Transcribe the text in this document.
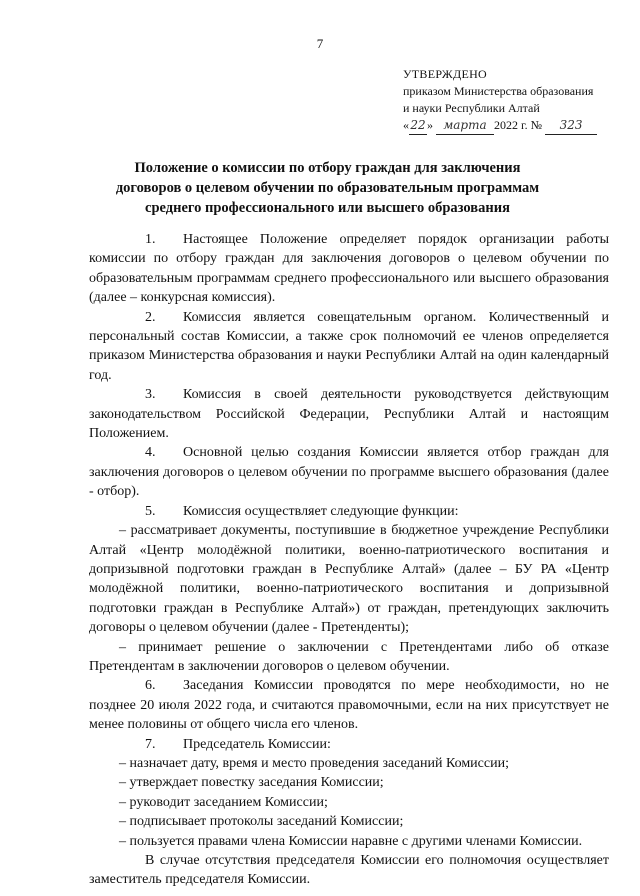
7
УТВЕРЖДЕНО
приказом Министерства образования
и науки Республики Алтай
«22» марта 2022 г. № 323
Положение о комиссии по отбору граждан для заключения договоров о целевом обучении по образовательным программам среднего профессионального или высшего образования

1. Настоящее Положение определяет порядок организации работы комиссии по отбору граждан для заключения договоров о целевом обучении по образовательным программам среднего профессионального или высшего образования (далее – конкурсная комиссия).

2. Комиссия является совещательным органом. Количественный и персональный состав Комиссии, а также срок полномочий ее членов определяется приказом Министерства образования и науки Республики Алтай на один календарный год.

3. Комиссия в своей деятельности руководствуется действующим законодательством Российской Федерации, Республики Алтай и настоящим Положением.

4. Основной целью создания Комиссии является отбор граждан для заключения договоров о целевом обучении по программе высшего образования (далее - отбор).

5. Комиссия осуществляет следующие функции:

– рассматривает документы, поступившие в бюджетное учреждение Республики Алтай «Центр молодёжной политики, военно-патриотического воспитания и допризывной подготовки граждан в Республике Алтай» (далее – БУ РА «Центр молодёжной политики, военно-патриотического воспитания и допризывной подготовки граждан в Республике Алтай») от граждан, претендующих заключить договоры о целевом обучении (далее - Претенденты);

– принимает решение о заключении с Претендентами либо об отказе Претендентам в заключении договоров о целевом обучении.

6. Заседания Комиссии проводятся по мере необходимости, но не позднее 20 июля 2022 года, и считаются правомочными, если на них присутствует не менее половины от общего числа его членов.

7. Председатель Комиссии:

– назначает дату, время и место проведения заседаний Комиссии;

– утверждает повестку заседания Комиссии;

– руководит заседанием Комиссии;

– подписывает протоколы заседаний Комиссии;

– пользуется правами члена Комиссии наравне с другими членами Комиссии.

В случае отсутствия председателя Комиссии его полномочия осуществляет заместитель председателя Комиссии.
